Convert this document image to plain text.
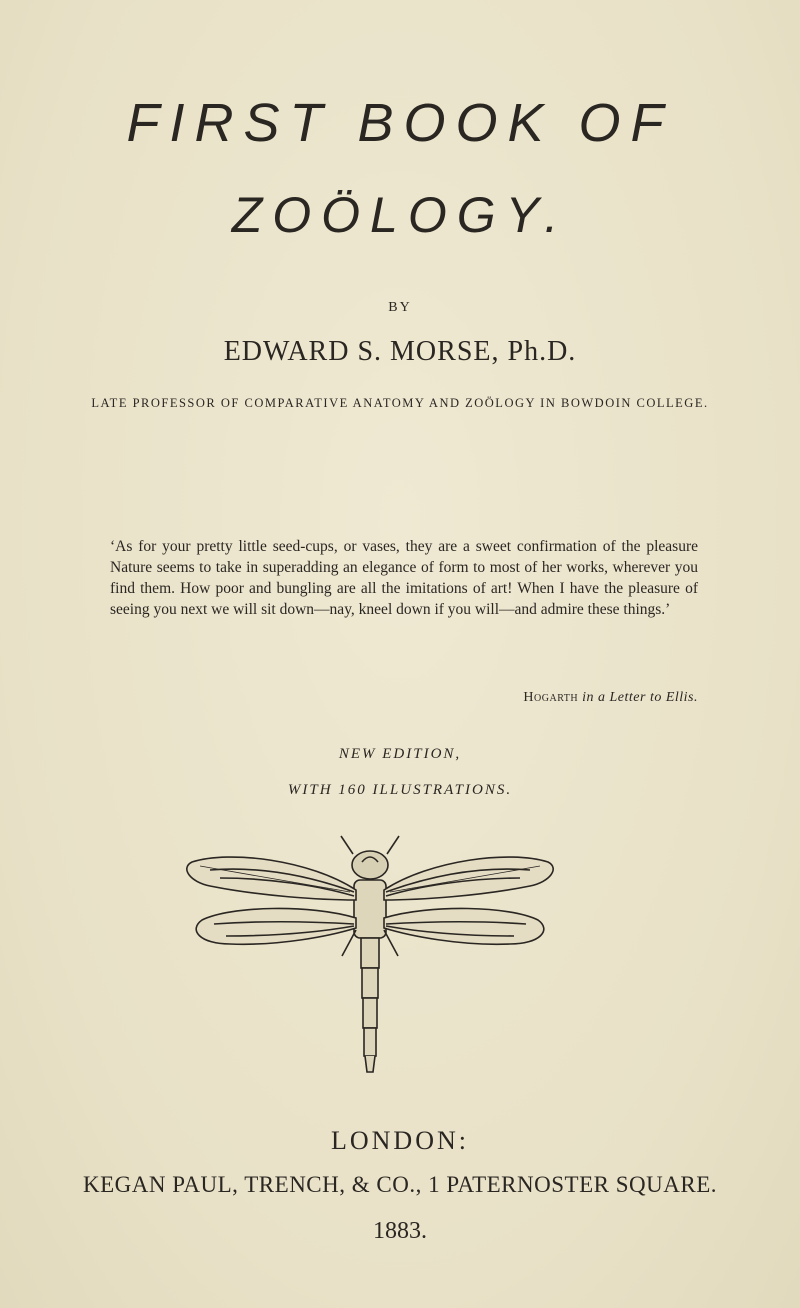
FIRST BOOK OF
ZOÖLOGY.
BY
EDWARD S. MORSE, Ph.D.
LATE PROFESSOR OF COMPARATIVE ANATOMY AND ZOÖLOGY IN BOWDOIN COLLEGE.
‘As for your pretty little seed-cups, or vases, they are a sweet confirmation of the pleasure Nature seems to take in superadding an elegance of form to most of her works, wherever you find them. How poor and bungling are all the imitations of art! When I have the pleasure of seeing you next we will sit down—nay, kneel down if you will—and admire these things.’
Hogarth in a Letter to Ellis.
NEW EDITION,
WITH 160 ILLUSTRATIONS.
LONDON:
KEGAN PAUL, TRENCH, & CO., 1 PATERNOSTER SQUARE.
1883.
